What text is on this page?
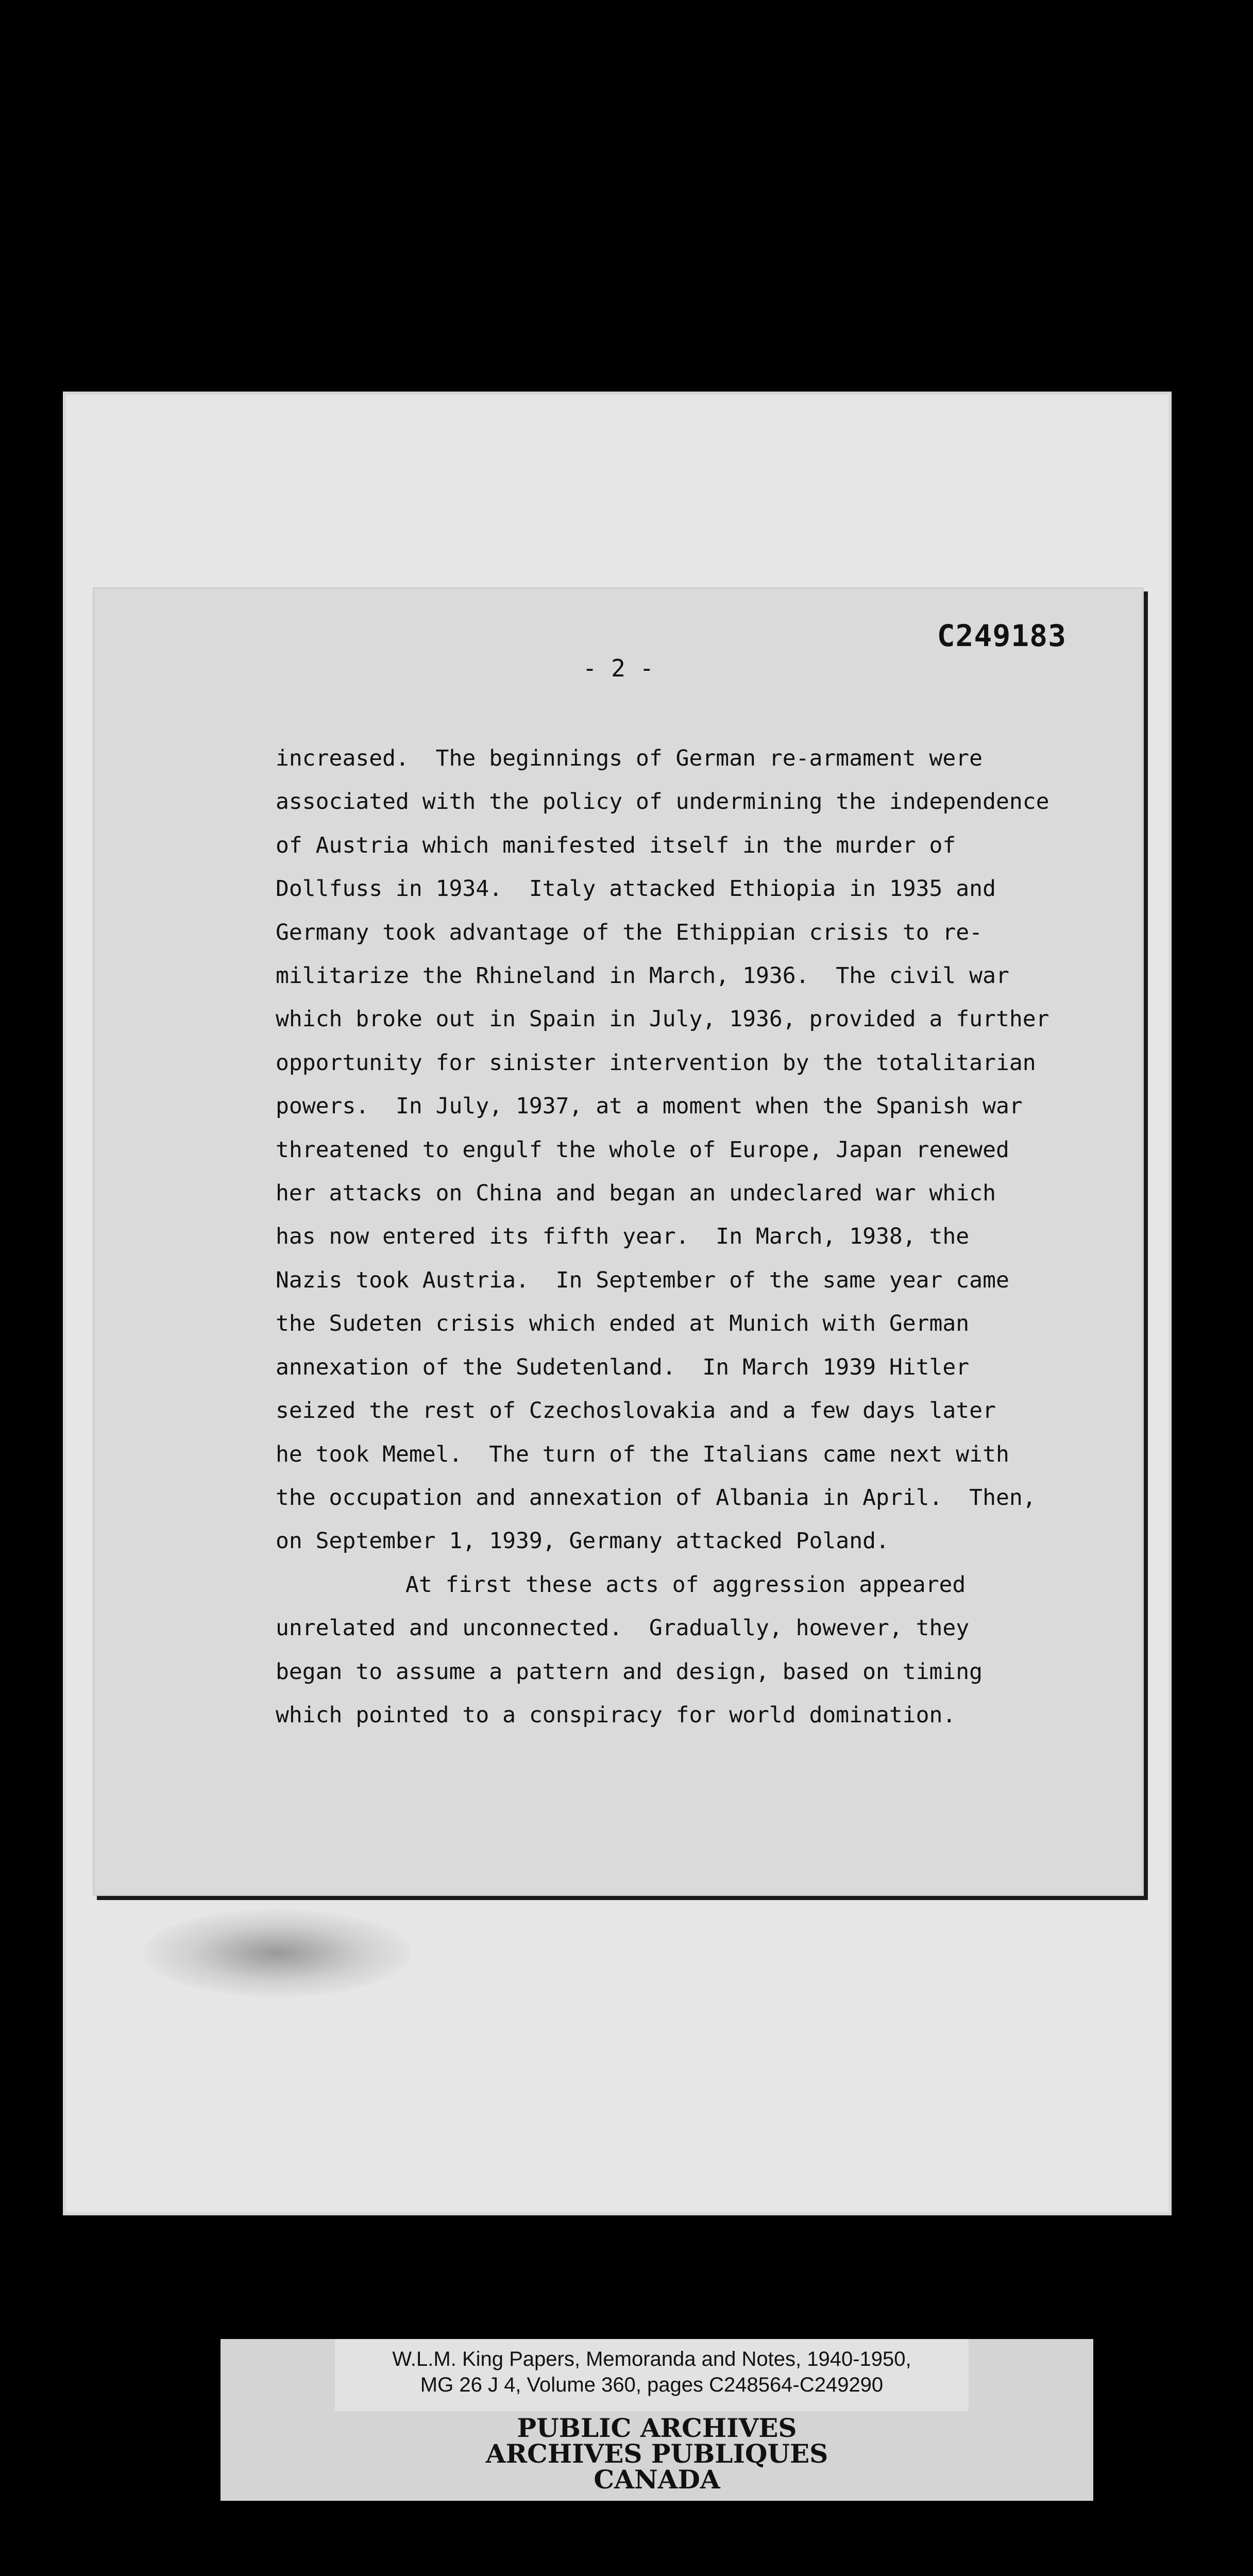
C249183
- 2 -
increased.  The beginnings of German re-armament were
associated with the policy of undermining the independence
of Austria which manifested itself in the murder of
Dollfuss in 1934.  Italy attacked Ethiopia in 1935 and
Germany took advantage of the Ethippian crisis to re-
militarize the Rhineland in March, 1936.  The civil war
which broke out in Spain in July, 1936, provided a further
opportunity for sinister intervention by the totalitarian
powers.  In July, 1937, at a moment when the Spanish war
threatened to engulf the whole of Europe, Japan renewed
her attacks on China and began an undeclared war which
has now entered its fifth year.  In March, 1938, the
Nazis took Austria.  In September of the same year came
the Sudeten crisis which ended at Munich with German
annexation of the Sudetenland.  In March 1939 Hitler
seized the rest of Czechoslovakia and a few days later
he took Memel.  The turn of the Italians came next with
the occupation and annexation of Albania in April.  Then,
on September 1, 1939, Germany attacked Poland.
At first these acts of aggression appeared
unrelated and unconnected.  Gradually, however, they
began to assume a pattern and design, based on timing
which pointed to a conspiracy for world domination.
W.L.M. King Papers, Memoranda and Notes, 1940-1950,
MG 26 J 4, Volume 360, pages C248564-C249290
PUBLIC ARCHIVES
ARCHIVES PUBLIQUES
CANADA
